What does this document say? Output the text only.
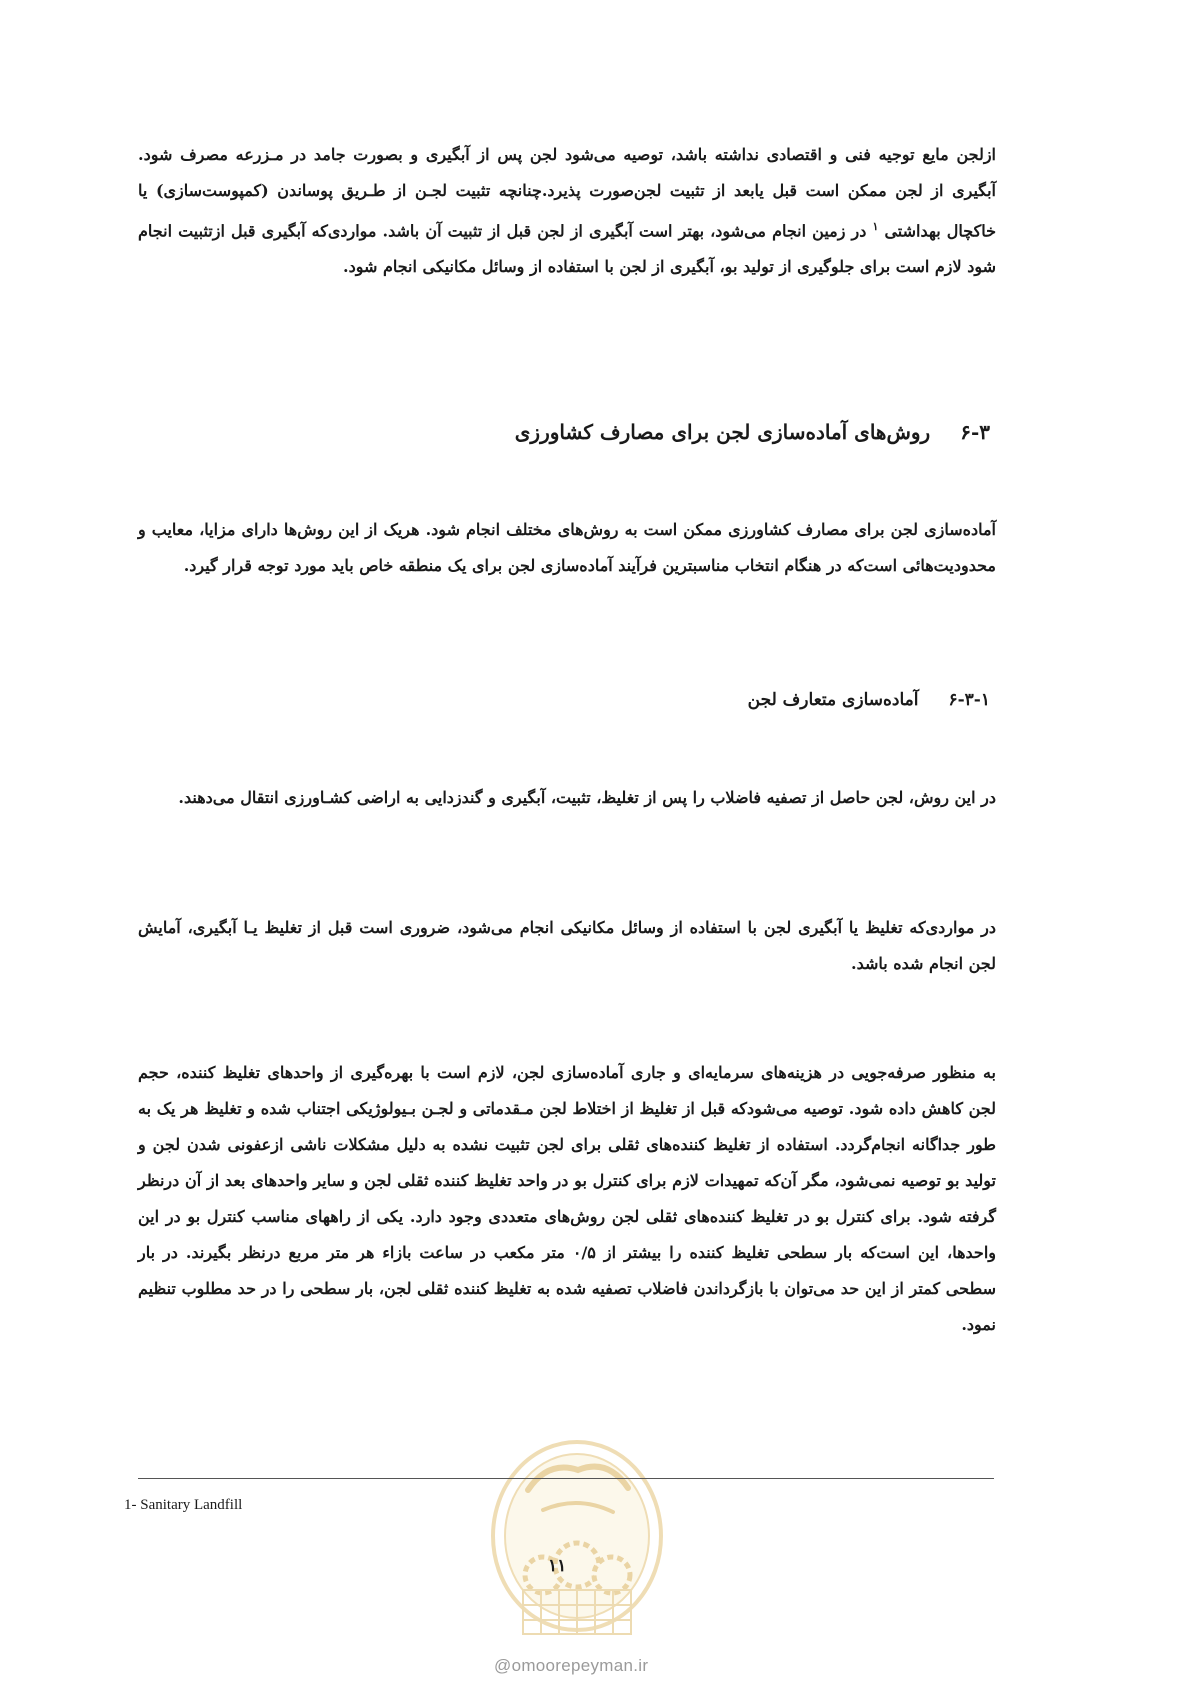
ازلجن مایع توجیه فنی و اقتصادی نداشته باشد، توصیه می‌شود لجن پس از آبگیری و بصورت جامد در مـزرعه مصرف شود. آبگیری از لجن ممکن است قبل یابعد از تثبیت لجن‌صورت پذیرد.چنانچه تثبیت لجـن از طـریق پوساندن (کمپوست‌سازی) یا خاکچال بهداشتی $^۱$ در زمین انجام می‌شود، بهتر است آبگیری از لجن قبل از تثبیت آن باشد. مواردی‌که آبگیری قبل ازتثبیت انجام شود لازم است برای جلوگیری از تولید بو، آبگیری از لجن با استفاده از وسائل مکانیکی انجام شود.

۶-۳روش‌های آماده‌سازی لجن برای مصارف کشاورزی

آماده‌سازی لجن برای مصارف کشاورزی ممکن است به روش‌های مختلف انجام شود. هریک از این روش‌ها دارای مزایا، معایب و محدودیت‌هائی است‌که در هنگام انتخاب مناسبترین فرآیند آماده‌سازی لجن برای یک منطقه خاص باید مورد توجه قرار گیرد.

۶-۳-۱آماده‌سازی متعارف لجن

در این روش، لجن حاصل از تصفیه فاضلاب را پس از تغلیظ، تثبیت، آبگیری و گندزدایی به اراضی کشـاورزی انتقال می‌دهند.

در مواردی‌که تغلیظ یا آبگیری لجن با استفاده از وسائل مکانیکی انجام می‌شود، ضروری است قبل از تغلیظ یـا آبگیری، آمایش لجن انجام شده باشد.

به منظور صرفه‌جویی در هزینه‌های سرمایه‌ای و جاری آماده‌سازی لجن، لازم است با بهره‌گیری از واحدهای تغلیظ کننده، حجم لجن کاهش داده شود. توصیه می‌شود‌که قبل از تغلیظ از اختلاط لجن مـقدماتی و لجـن بـیولوژیکی اجتناب شده و تغلیظ هر یک به طور جداگانه انجام‌گردد. استفاده از تغلیظ کننده‌های ثقلی برای لجن تثبیت نشده به دلیل مشکلات ناشی ازعفونی شدن لجن و تولید بو توصیه نمی‌شود، مگر آن‌که تمهیدات لازم برای کنترل بو در واحد تغلیظ کننده ثقلی لجن و سایر واحدهای بعد از آن درنظر گرفته شود. برای کنترل بو در تغلیظ کننده‌های ثقلی لجن روش‌های متعددی وجود دارد. یکی از راههای مناسب کنترل بو در این واحدها، این است‌که بار سطحی تغلیظ کننده را بیشتر از ۰/۵ متر مکعب در ساعت بازاء هر متر مربع درنظر بگیرند. در بار سطحی کمتر از این حد می‌توان با بازگرداندن فاضلاب تصفیه شده به تغلیظ کننده ثقلی لجن، بار سطحی را در حد مطلوب تنظیم نمود.

1- Sanitary Landfill
۱۱
@omoorepeyman.ir
